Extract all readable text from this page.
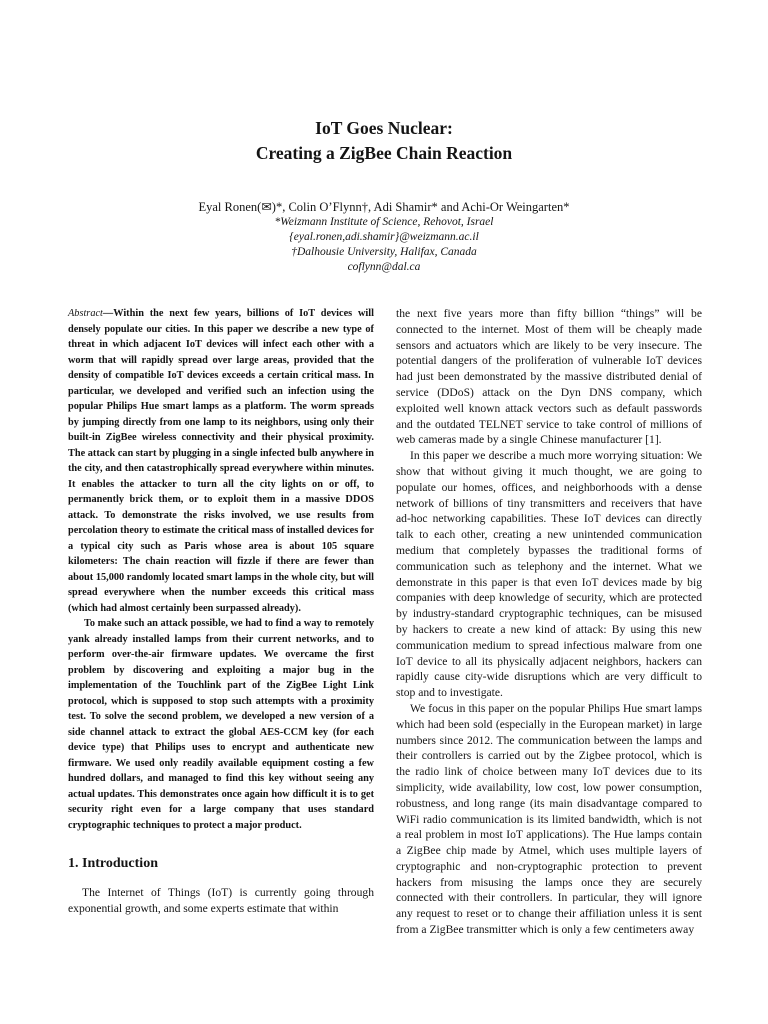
IoT Goes Nuclear:
Creating a ZigBee Chain Reaction
Eyal Ronen(✉)*, Colin O’Flynn†, Adi Shamir* and Achi-Or Weingarten*
*Weizmann Institute of Science, Rehovot, Israel
{eyal.ronen,adi.shamir}@weizmann.ac.il
†Dalhousie University, Halifax, Canada
coflynn@dal.ca

Abstract—Within the next few years, billions of IoT devices will densely populate our cities. In this paper we describe a new type of threat in which adjacent IoT devices will infect each other with a worm that will rapidly spread over large areas, provided that the density of compatible IoT devices exceeds a certain critical mass. In particular, we developed and verified such an infection using the popular Philips Hue smart lamps as a platform. The worm spreads by jumping directly from one lamp to its neighbors, using only their built-in ZigBee wireless connectivity and their physical proximity. The attack can start by plugging in a single infected bulb anywhere in the city, and then catastrophically spread everywhere within minutes. It enables the attacker to turn all the city lights on or off, to permanently brick them, or to exploit them in a massive DDOS attack. To demonstrate the risks involved, we use results from percolation theory to estimate the critical mass of installed devices for a typical city such as Paris whose area is about 105 square kilometers: The chain reaction will fizzle if there are fewer than about 15,000 randomly located smart lamps in the whole city, but will spread everywhere when the number exceeds this critical mass (which had almost certainly been surpassed already).

To make such an attack possible, we had to find a way to remotely yank already installed lamps from their current networks, and to perform over-the-air firmware updates. We overcame the first problem by discovering and exploiting a major bug in the implementation of the Touchlink part of the ZigBee Light Link protocol, which is supposed to stop such attempts with a proximity test. To solve the second problem, we developed a new version of a side channel attack to extract the global AES-CCM key (for each device type) that Philips uses to encrypt and authenticate new firmware. We used only readily available equipment costing a few hundred dollars, and managed to find this key without seeing any actual updates. This demonstrates once again how difficult it is to get security right even for a large company that uses standard cryptographic techniques to protect a major product.

1. Introduction

The Internet of Things (IoT) is currently going through exponential growth, and some experts estimate that within

the next five years more than fifty billion “things” will be connected to the internet. Most of them will be cheaply made sensors and actuators which are likely to be very insecure. The potential dangers of the proliferation of vulnerable IoT devices had just been demonstrated by the massive distributed denial of service (DDoS) attack on the Dyn DNS company, which exploited well known attack vectors such as default passwords and the outdated TELNET service to take control of millions of web cameras made by a single Chinese manufacturer [1].

In this paper we describe a much more worrying situation: We show that without giving it much thought, we are going to populate our homes, offices, and neighborhoods with a dense network of billions of tiny transmitters and receivers that have ad-hoc networking capabilities. These IoT devices can directly talk to each other, creating a new unintended communication medium that completely bypasses the traditional forms of communication such as telephony and the internet. What we demonstrate in this paper is that even IoT devices made by big companies with deep knowledge of security, which are protected by industry-standard cryptographic techniques, can be misused by hackers to create a new kind of attack: By using this new communication medium to spread infectious malware from one IoT device to all its physically adjacent neighbors, hackers can rapidly cause city-wide disruptions which are very difficult to stop and to investigate.

We focus in this paper on the popular Philips Hue smart lamps which had been sold (especially in the European market) in large numbers since 2012. The communication between the lamps and their controllers is carried out by the Zigbee protocol, which is the radio link of choice between many IoT devices due to its simplicity, wide availability, low cost, low power consumption, robustness, and long range (its main disadvantage compared to WiFi radio communication is its limited bandwidth, which is not a real problem in most IoT applications). The Hue lamps contain a ZigBee chip made by Atmel, which uses multiple layers of cryptographic and non-cryptographic protection to prevent hackers from misusing the lamps once they are securely connected with their controllers. In particular, they will ignore any request to reset or to change their affiliation unless it is sent from a ZigBee transmitter which is only a few centimeters away
